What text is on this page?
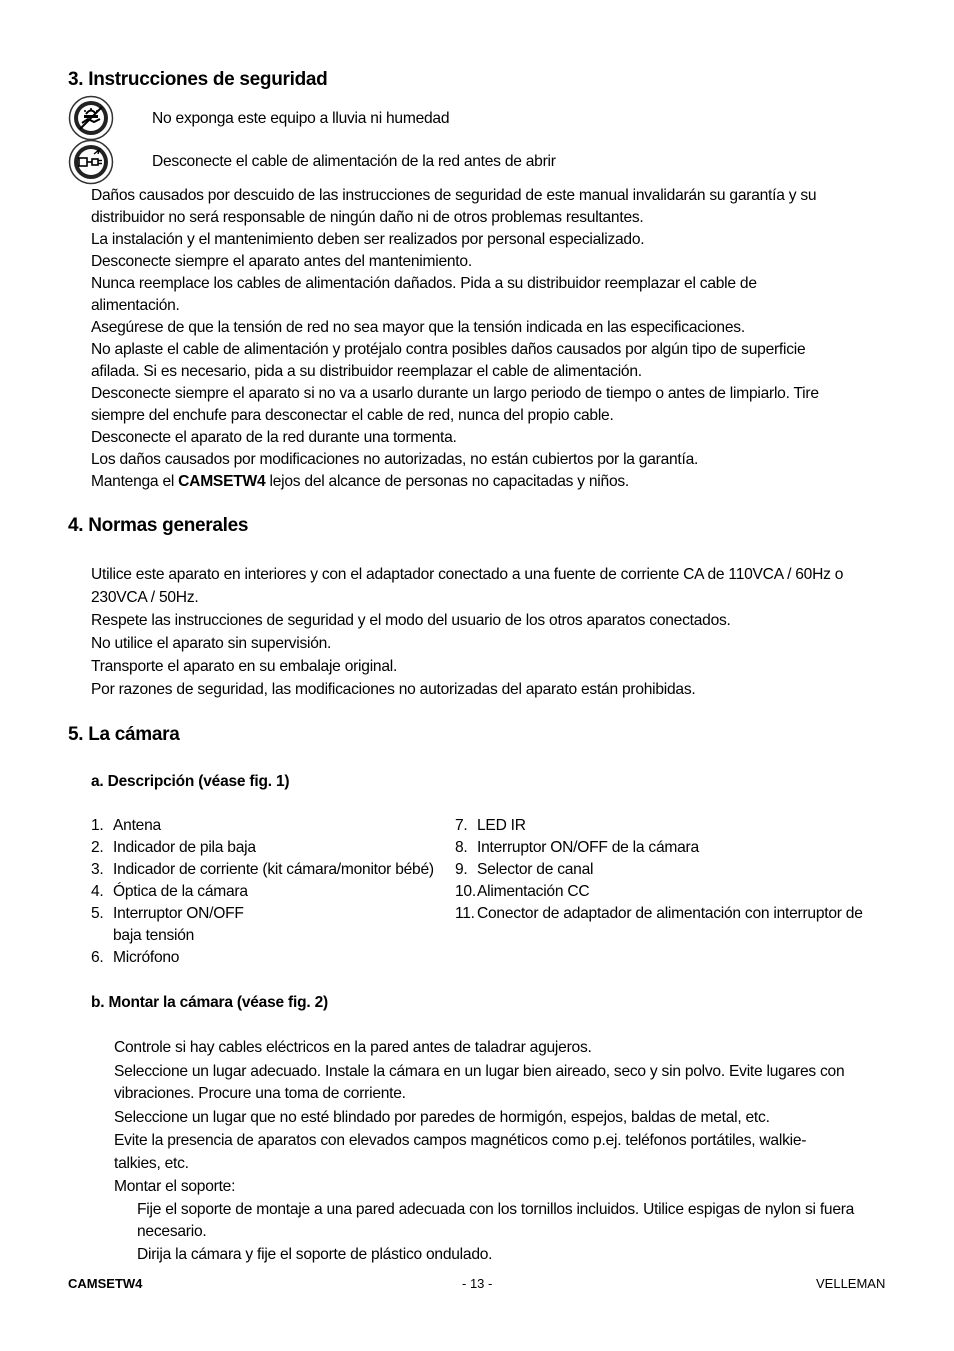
3. Instrucciones de seguridad
No exponga este equipo a lluvia ni humedad
Desconecte el cable de alimentación de la red antes de abrir

Daños causados por descuido de las instrucciones de seguridad de este manual invalidarán su garantía y su distribuidor no será responsable de ningún daño ni de otros problemas resultantes.

La instalación y el mantenimiento deben ser realizados por personal especializado.

Desconecte siempre el aparato antes del mantenimiento.

Nunca reemplace los cables de alimentación dañados. Pida a su distribuidor reemplazar el cable de alimentación.

Asegúrese de que la tensión de red no sea mayor que la tensión indicada en las especificaciones.

No aplaste el cable de alimentación y protéjalo contra posibles daños causados por algún tipo de superficie afilada. Si es necesario, pida a su distribuidor reemplazar el cable de alimentación.

Desconecte siempre el aparato si no va a usarlo durante un largo periodo de tiempo o antes de limpiarlo. Tire siempre del enchufe para desconectar el cable de red, nunca del propio cable.

Desconecte el aparato de la red durante una tormenta.

Los daños causados por modificaciones no autorizadas, no están cubiertos por la garantía.

Mantenga el CAMSETW4 lejos del alcance de personas no capacitadas y niños.

4. Normas generales

Utilice este aparato en interiores y con el adaptador conectado a una fuente de corriente CA de 110VCA / 60Hz o 230VCA / 50Hz.

Respete las instrucciones de seguridad y el modo del usuario de los otros aparatos conectados.

No utilice el aparato sin supervisión.

Transporte el aparato en su embalaje original.

Por razones de seguridad, las modificaciones no autorizadas del aparato están prohibidas.

5. La cámara
a. Descripción (véase fig. 1)
1. Antena
2. Indicador de pila baja
3. Indicador de corriente (kit cámara/monitor bébé)
4. Óptica de la cámara
5. Interruptor ON/OFF baja tensión
6. Micrófono
7. LED IR
8. Interruptor ON/OFF de la cámara
9. Selector de canal
10. Alimentación CC
11. Conector de adaptador de alimentación con interruptor de
b. Montar la cámara (véase fig. 2)

Controle si hay cables eléctricos en la pared antes de taladrar agujeros.

Seleccione un lugar adecuado. Instale la cámara en un lugar bien aireado, seco y sin polvo. Evite lugares con vibraciones. Procure una toma de corriente.

Seleccione un lugar que no esté blindado por paredes de hormigón, espejos, baldas de metal, etc.

Evite la presencia de aparatos con elevados campos magnéticos como p.ej. teléfonos portátiles, walkie-talkies, etc.

Montar el soporte:

Fije el soporte de montaje a una pared adecuada con los tornillos incluidos. Utilice espigas de nylon si fuera necesario.

Dirija la cámara y fije el soporte de plástico ondulado.

CAMSETW4	- 13 -	VELLEMAN
